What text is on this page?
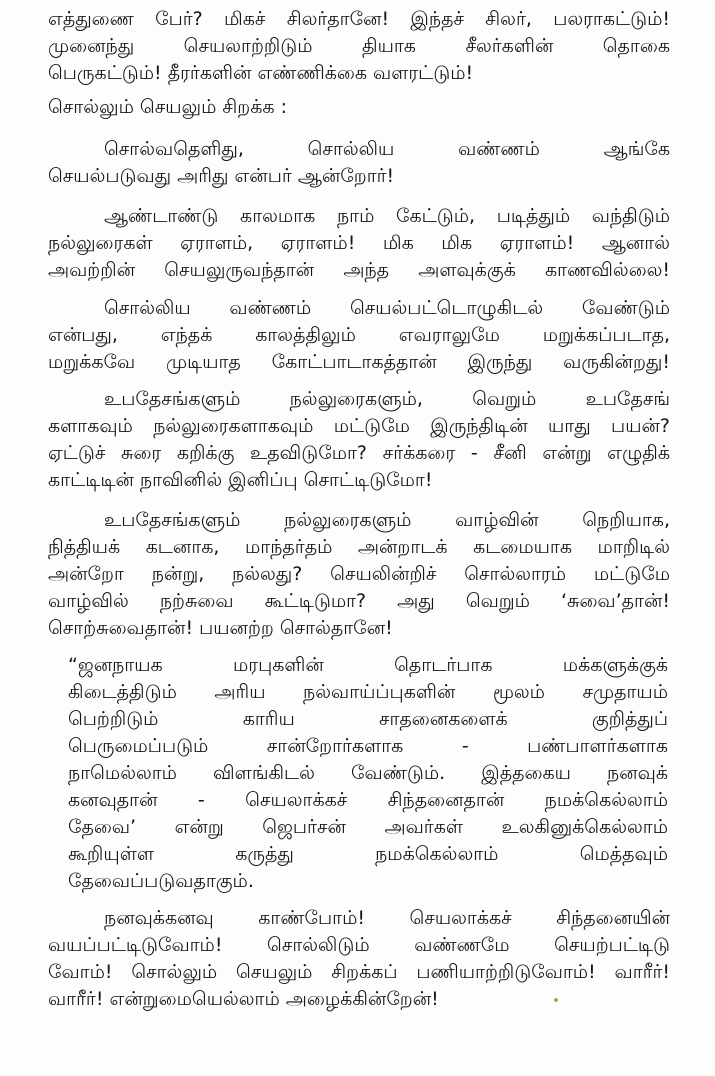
எத்துணை பேர்? மிகச் சிலர்தானே! இந்தச் சிலர், பலராகட்டும்!
முனைந்து செயலாற்றிடும் தியாக சீலர்களின் தொகை
பெருகட்டும்! தீரர்களின் எண்ணிக்கை வளரட்டும்!
சொல்லும் செயலும் சிறக்க :
சொல்வதெளிது, சொல்லிய வண்ணம் ஆங்கே
செயல்படுவது அரிது என்பர் ஆன்றோர்!
ஆண்டாண்டு காலமாக நாம் கேட்டும், படித்தும் வந்திடும்
நல்லுரைகள் ஏராளம், ஏராளம்! மிக மிக ஏராளம்! ஆனால்
அவற்றின் செயலுருவந்தான் அந்த அளவுக்குக் காணவில்லை!
சொல்லிய வண்ணம் செயல்பட்டொழுகிடல் வேண்டும்
என்பது, எந்தக் காலத்திலும் எவராலுமே மறுக்கப்படாத,
மறுக்கவே முடியாத கோட்பாடாகத்தான் இருந்து வருகின்றது!
உபதேசங்களும் நல்லுரைகளும், வெறும் உபதேசங்
களாகவும் நல்லுரைகளாகவும் மட்டுமே இருந்திடின் யாது பயன்?
ஏட்டுச் சுரை கறிக்கு உதவிடுமோ? சர்க்கரை - சீனி என்று எழுதிக்
காட்டிடின் நாவினில் இனிப்பு சொட்டிடுமோ!
உபதேசங்களும் நல்லுரைகளும் வாழ்வின் நெறியாக,
நித்தியக் கடனாக, மாந்தர்தம் அன்றாடக் கடமையாக மாறிடில்
அன்றோ நன்று, நல்லது? செயலின்றிச் சொல்லாரம் மட்டுமே
வாழ்வில் நற்சுவை கூட்டிடுமா? அது வெறும் ‘சுவை’தான்!
சொற்சுவைதான்! பயனற்ற சொல்தானே!
“ஜனநாயக மரபுகளின் தொடர்பாக மக்களுக்குக்
கிடைத்திடும் அரிய நல்வாய்ப்புகளின் மூலம் சமுதாயம்
பெற்றிடும் காரிய சாதனைகளைக் குறித்துப்
பெருமைப்படும் சான்றோர்களாக - பண்பாளர்களாக
நாமெல்லாம் விளங்கிடல் வேண்டும். இத்தகைய நனவுக்
கனவுதான் - செயலாக்கச் சிந்தனைதான் நமக்கெல்லாம்
தேவை’ என்று ஜெபர்சன் அவர்கள் உலகினுக்கெல்லாம்
கூறியுள்ள கருத்து நமக்கெல்லாம் மெத்தவும்
தேவைப்படுவதாகும்.
நனவுக்கனவு காண்போம்! செயலாக்கச் சிந்தனையின்
வயப்பட்டிடுவோம்! சொல்லிடும் வண்ணமே செயற்பட்டிடு
வோம்! சொல்லும் செயலும் சிறக்கப் பணியாற்றிடுவோம்! வாரீர்!
வாரீர்! என்றுமையெல்லாம் அழைக்கின்றேன்!
